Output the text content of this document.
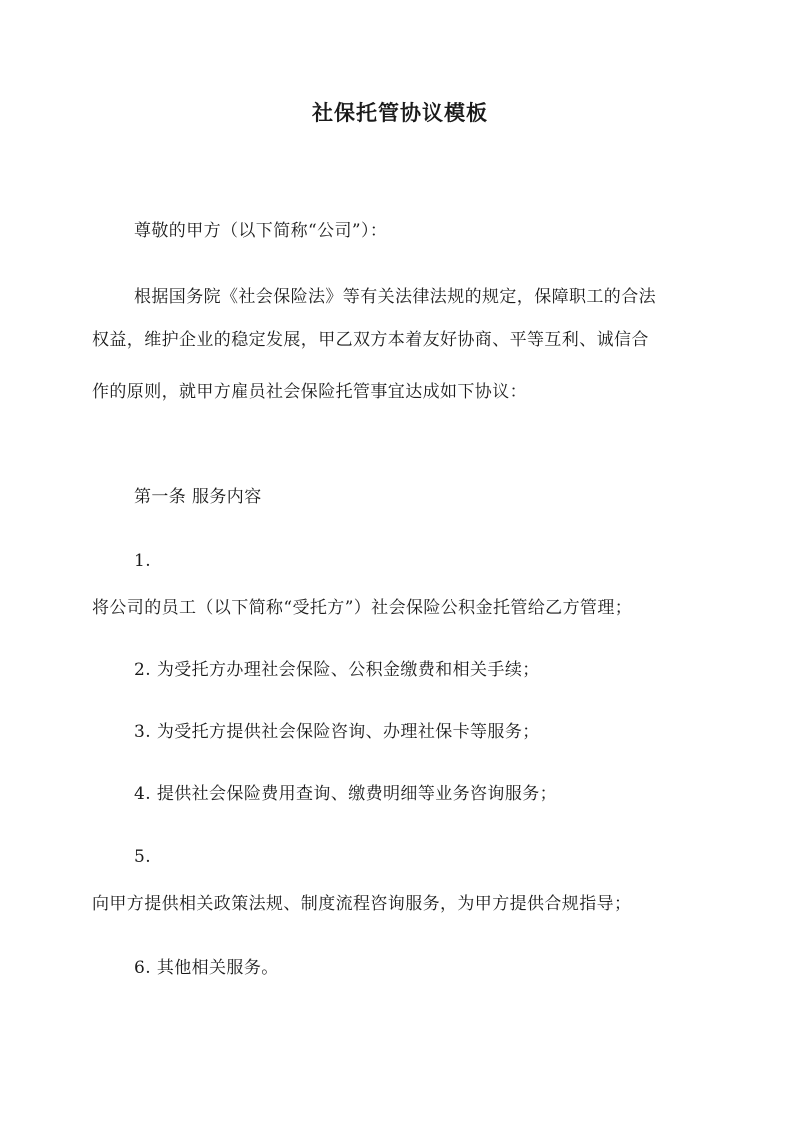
社保托管协议模板

尊敬的甲方（以下简称“公司”）：

根据国务院《社会保险法》等有关法律法规的规定，保障职工的合法

权益，维护企业的稳定发展，甲乙双方本着友好协商、平等互利、诚信合

作的原则，就甲方雇员社会保险托管事宜达成如下协议：

第一条 服务内容

1.

将公司的员工（以下简称“受托方”）社会保险公积金托管给乙方管理；

2. 为受托方办理社会保险、公积金缴费和相关手续；

3. 为受托方提供社会保险咨询、办理社保卡等服务；

4. 提供社会保险费用查询、缴费明细等业务咨询服务；

5.

向甲方提供相关政策法规、制度流程咨询服务，为甲方提供合规指导；

6. 其他相关服务。
